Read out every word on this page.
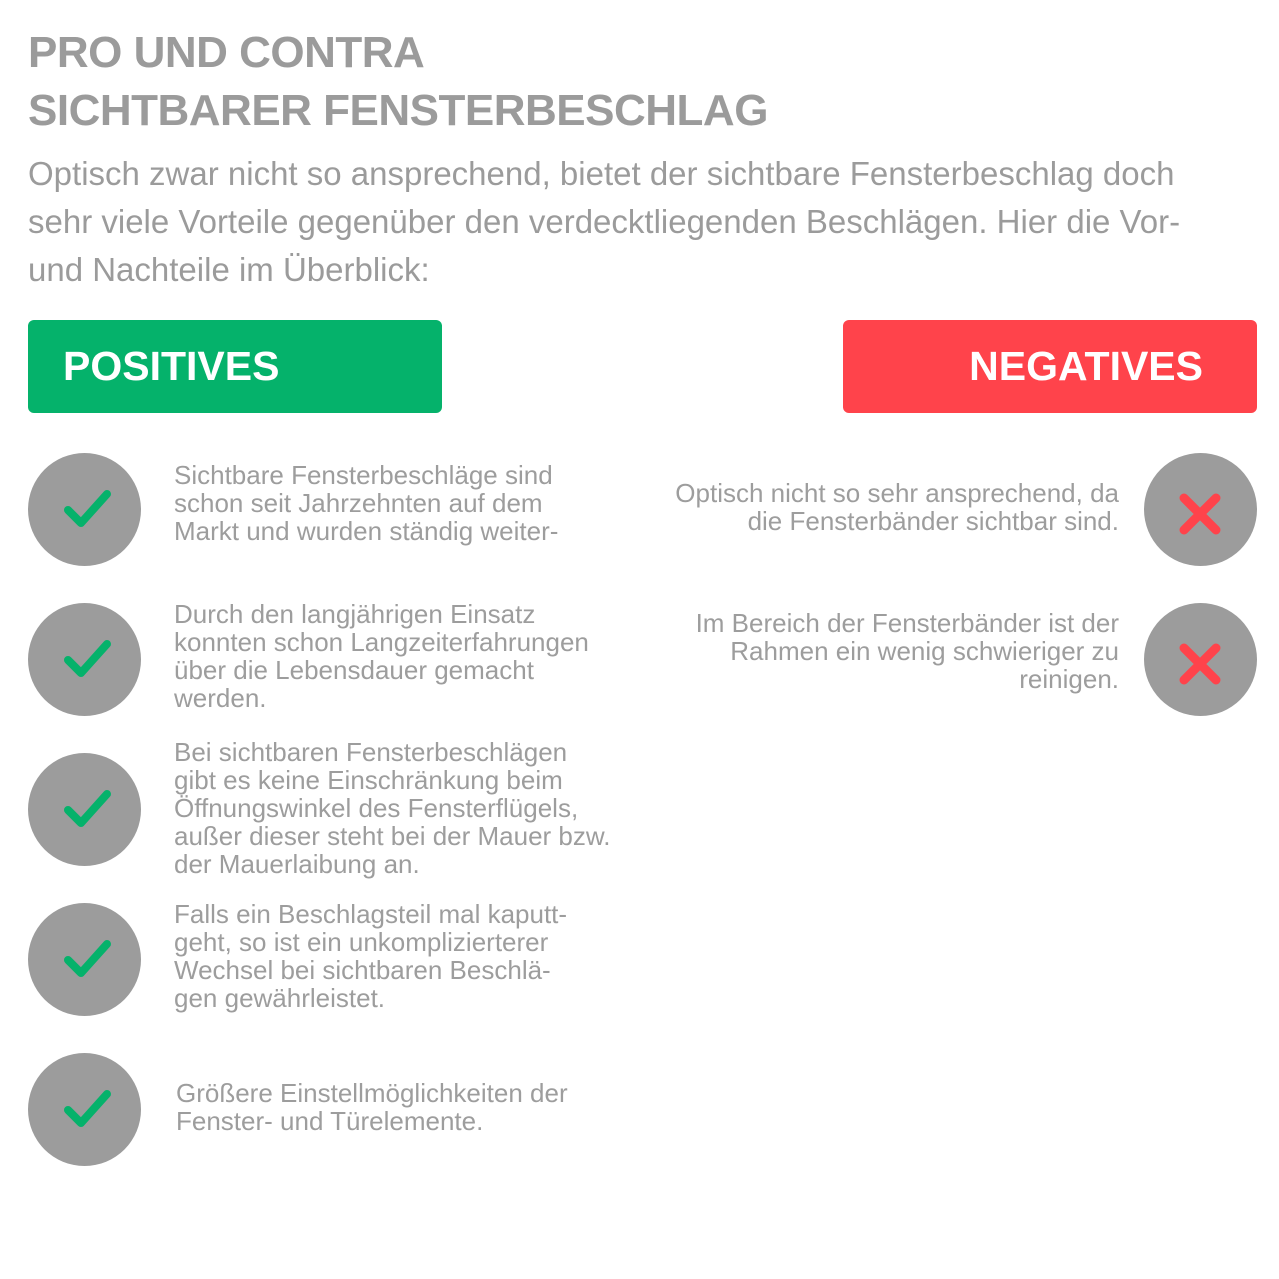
PRO UND CONTRA
SICHTBARER FENSTERBESCHLAG

Optisch zwar nicht so ansprechend, bietet der sichtbare Fensterbeschlag doch sehr viele Vorteile gegenüber den verdecktliegenden Beschlägen. Hier die Vor- und Nachteile im Überblick:

POSITIVES	NEGATIVES

Sichtbare Fensterbeschläge sind
schon seit Jahrzehnten auf dem
Markt und wurden ständig weiter-

Durch den langjährigen Einsatz
konnten schon Langzeiterfahrungen
über die Lebensdauer gemacht
werden.

Bei sichtbaren Fensterbeschlägen
gibt es keine Einschränkung beim
Öffnungswinkel des Fensterflügels,
außer dieser steht bei der Mauer bzw.
der Mauerlaibung an.

Falls ein Beschlagsteil mal kaputt-
geht, so ist ein unkomplizierterer
Wechsel bei sichtbaren Beschlä-
gen gewährleistet.

Größere Einstellmöglichkeiten der
Fenster- und Türelemente.

Optisch nicht so sehr ansprechend, da
die Fensterbänder sichtbar sind.

Im Bereich der Fensterbänder ist der
Rahmen ein wenig schwieriger zu
reinigen.
